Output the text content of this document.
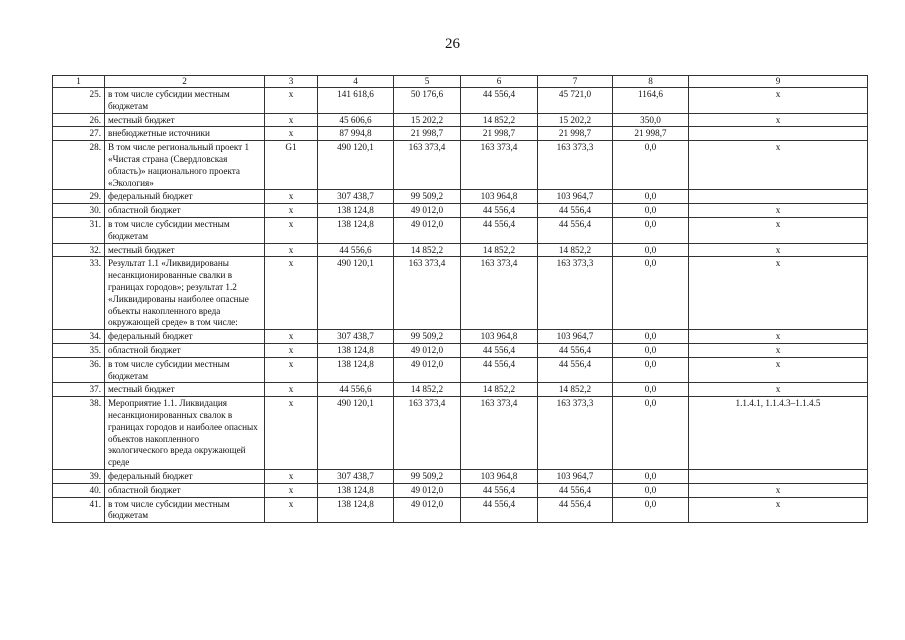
26
1	2	3	4	5	6	7	8	9
25.	в том числе субсидии местным бюджетам	х	141 618,6	50 176,6	44 556,4	45 721,0	1164,6	х
26.	местный бюджет	х	45 606,6	15 202,2	14 852,2	15 202,2	350,0	х
27.	внебюджетные источники	х	87 994,8	21 998,7	21 998,7	21 998,7	21 998,7	
28.	В том числе региональный проект 1 «Чистая страна (Свердловская область)» национального проекта «Экология»	G1	490 120,1	163 373,4	163 373,4	163 373,3	0,0	х
29.	федеральный бюджет	х	307 438,7	99 509,2	103 964,8	103 964,7	0,0	
30.	областной бюджет	х	138 124,8	49 012,0	44 556,4	44 556,4	0,0	х
31.	в том числе субсидии местным бюджетам	х	138 124,8	49 012,0	44 556,4	44 556,4	0,0	х
32.	местный бюджет	х	44 556,6	14 852,2	14 852,2	14 852,2	0,0	х
33.	Результат 1.1 «Ликвидированы несанкционированные свалки в границах городов»; результат 1.2 «Ликвидированы наиболее опасные объекты накопленного вреда окружающей среде» в том числе:	х	490 120,1	163 373,4	163 373,4	163 373,3	0,0	х
34.	федеральный бюджет	х	307 438,7	99 509,2	103 964,8	103 964,7	0,0	х
35.	областной бюджет	х	138 124,8	49 012,0	44 556,4	44 556,4	0,0	х
36.	в том числе субсидии местным бюджетам	х	138 124,8	49 012,0	44 556,4	44 556,4	0,0	х
37.	местный бюджет	х	44 556,6	14 852,2	14 852,2	14 852,2	0,0	х
38.	Мероприятие 1.1. Ликвидация несанкционированных свалок в границах городов и наиболее опасных объектов накопленного экологического вреда окружающей среде	х	490 120,1	163 373,4	163 373,4	163 373,3	0,0	1.1.4.1, 1.1.4.3–1.1.4.5
39.	федеральный бюджет	х	307 438,7	99 509,2	103 964,8	103 964,7	0,0	
40.	областной бюджет	х	138 124,8	49 012,0	44 556,4	44 556,4	0,0	х
41.	в том числе субсидии местным бюджетам	х	138 124,8	49 012,0	44 556,4	44 556,4	0,0	х
